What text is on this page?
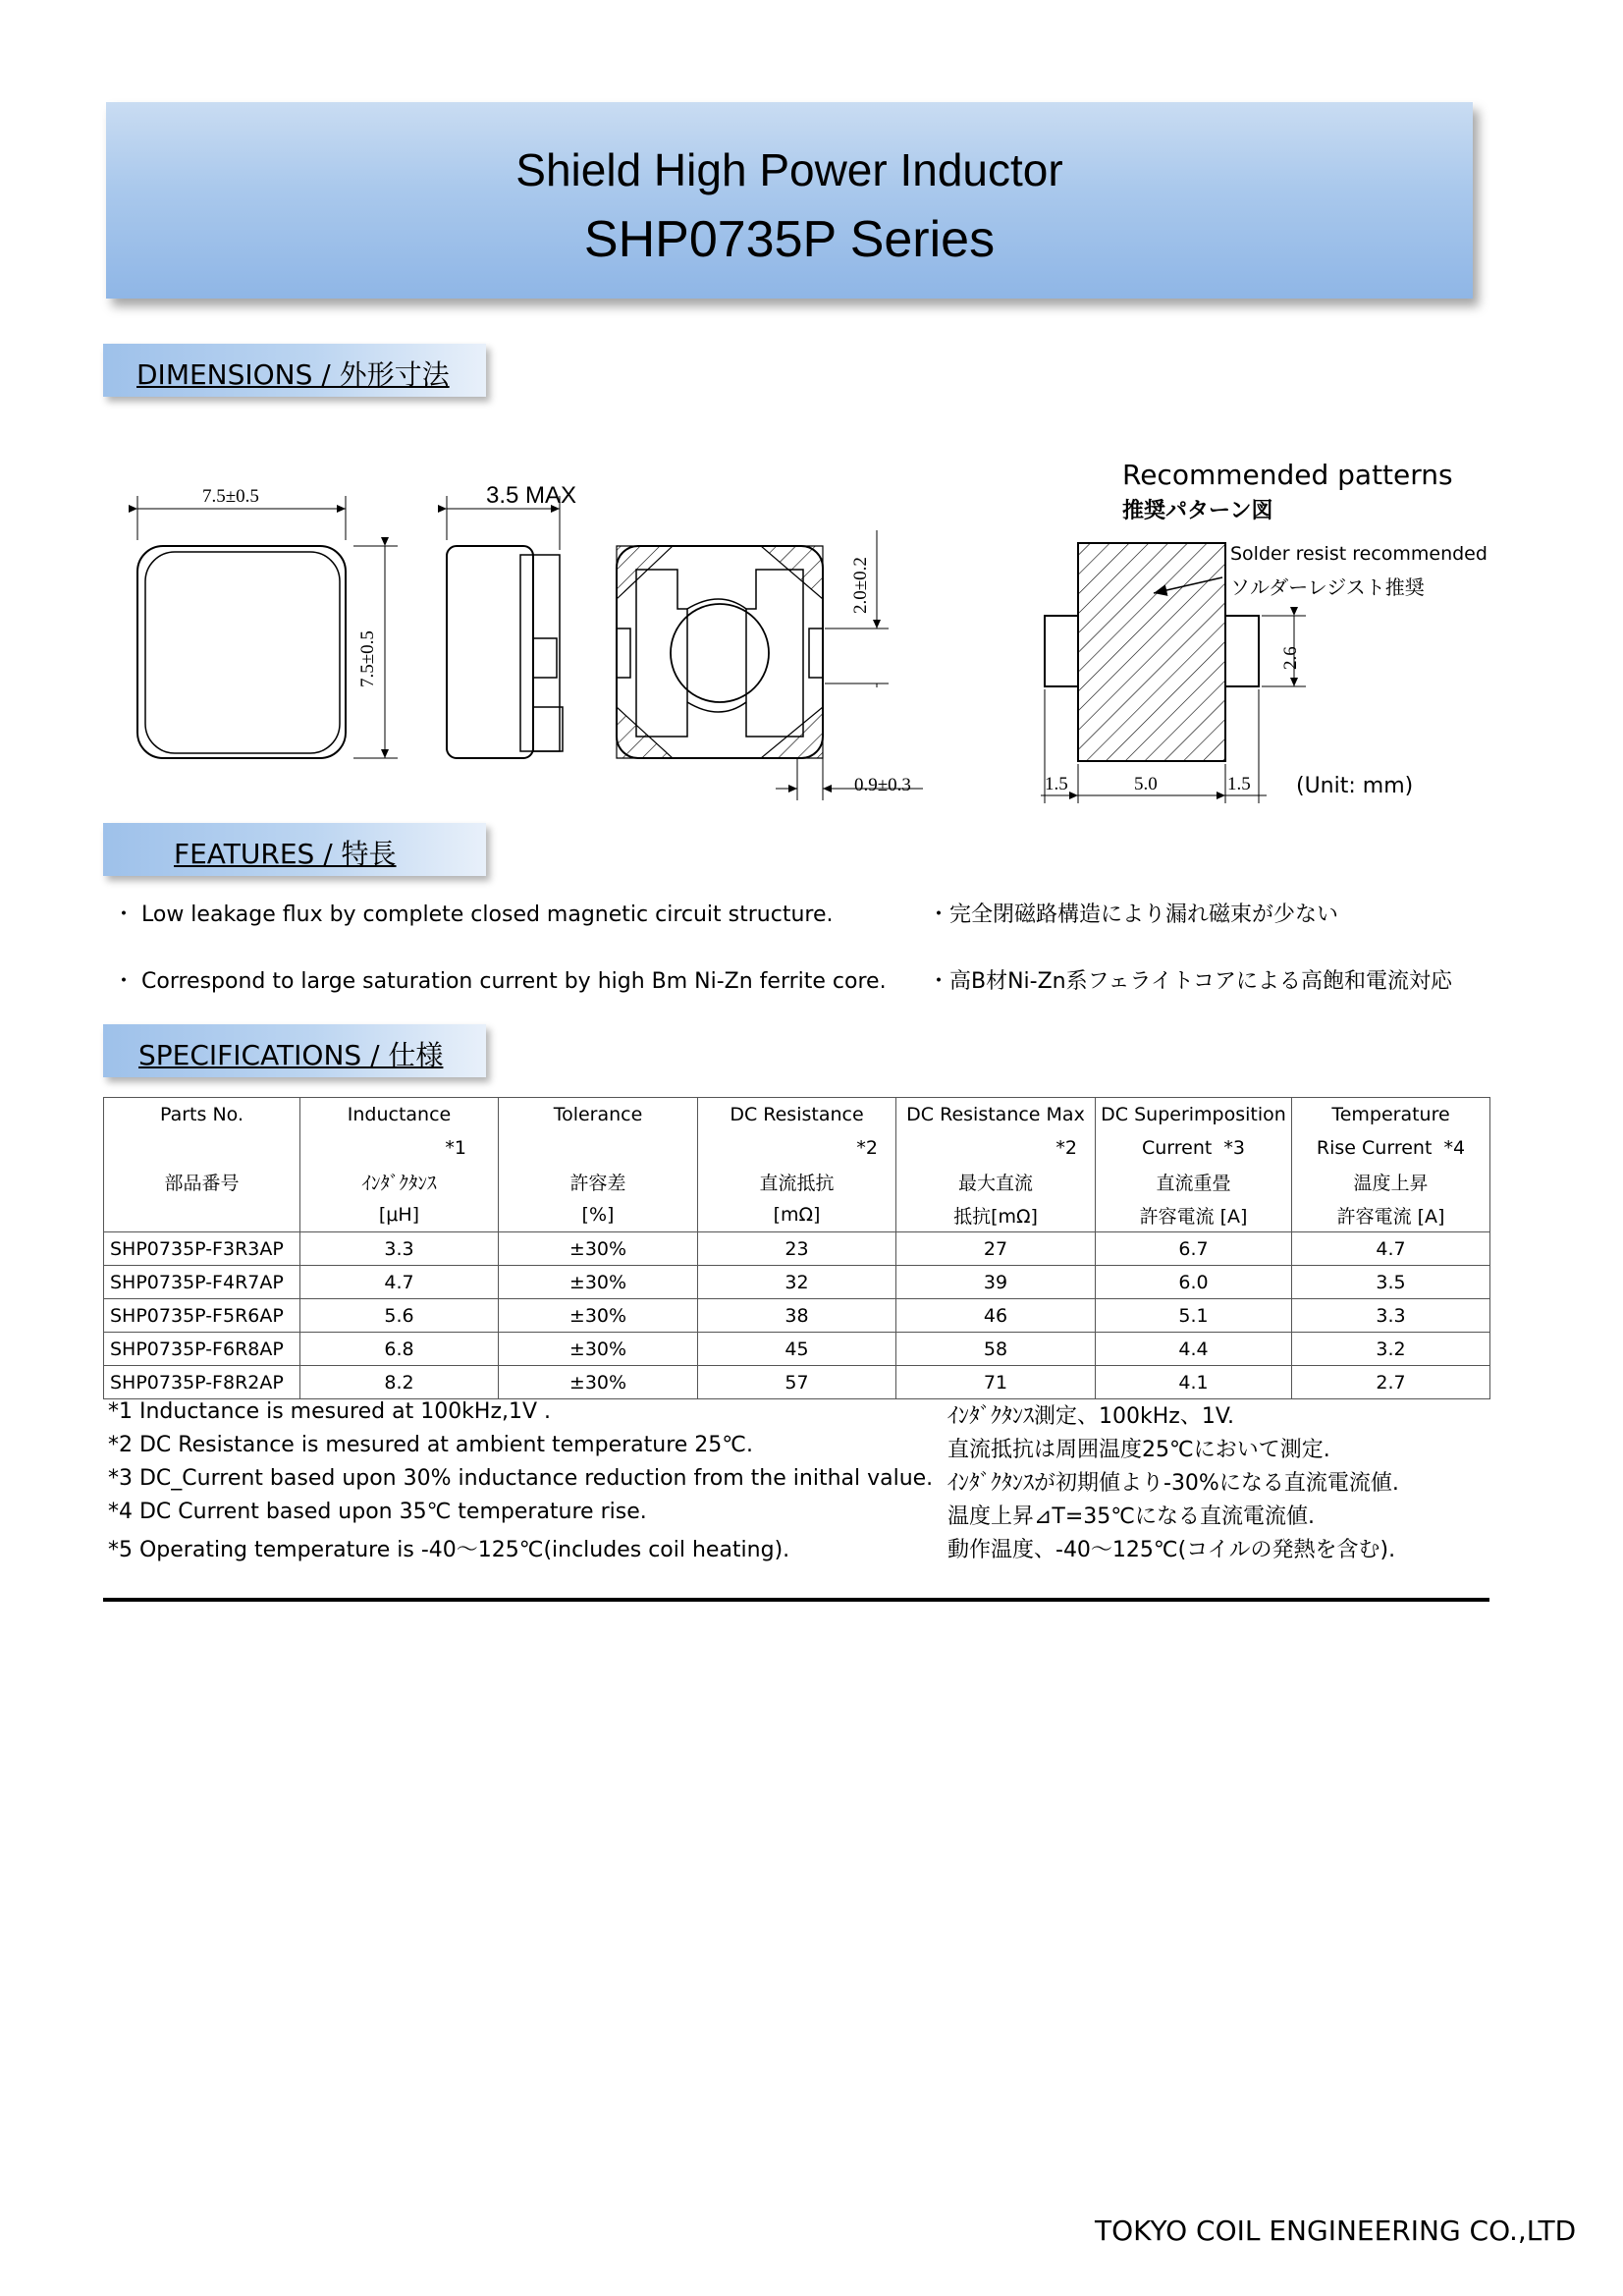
Shield High Power Inductor
SHP0735P Series
DIMENSIONS / 外形寸法
7.5±0.5
7.5±0.5
3.5 MAX
2.0±0.2
0.9±0.3
Recommended patterns
推奨パターン図
Solder resist recommended
ソルダーレジスト推奨
2.6
1.5	5.0	1.5 (Unit: mm)
FEATURES / 特長
・ Low leakage flux by complete closed magnetic circuit structure.	・完全閉磁路構造により漏れ磁束が少ない
・ Correspond to large saturation current by high Bm Ni-Zn ferrite core. ・高B材Ni-Zn系フェライトコアによる高飽和電流対応
SPECIFICATIONS / 仕様
Parts No.	Inductance	Tolerance	DC Resistance	DC Resistance Max	DC Superimposition	Temperature
	*1		*2	*2	Current  *3	Rise Current  *4
部品番号	ｲﾝﾀﾞｸﾀﾝｽ	許容差	直流抵抗	最大直流	直流重畳	温度上昇
	[μH]	[%]	[mΩ]	抵抗[mΩ]	許容電流 [A]	許容電流 [A]
SHP0735P-F3R3AP	3.3	±30%	23	27	6.7	4.7
SHP0735P-F4R7AP	4.7	±30%	32	39	6.0	3.5
SHP0735P-F5R6AP	5.6	±30%	38	46	5.1	3.3
SHP0735P-F6R8AP	6.8	±30%	45	58	4.4	3.2
SHP0735P-F8R2AP	8.2	±30%	57	71	4.1	2.7
*1 Inductance is mesured at 100kHz,1V .	ｲﾝﾀﾞｸﾀﾝｽ測定、100kHz、1V.
*2 DC Resistance is mesured at ambient temperature 25℃.	直流抵抗は周囲温度25℃において測定.
*3 DC_Current based upon 30% inductance reduction from the inithal value. ｲﾝﾀﾞｸﾀﾝｽが初期値より-30%になる直流電流値.
*4 DC Current based upon 35℃ temperature rise.	温度上昇⊿T=35℃になる直流電流値.
*5 Operating temperature is -40～125℃(includes coil heating).	動作温度、-40～125℃(コイルの発熱を含む).
TOKYO COIL ENGINEERING CO.,LTD
